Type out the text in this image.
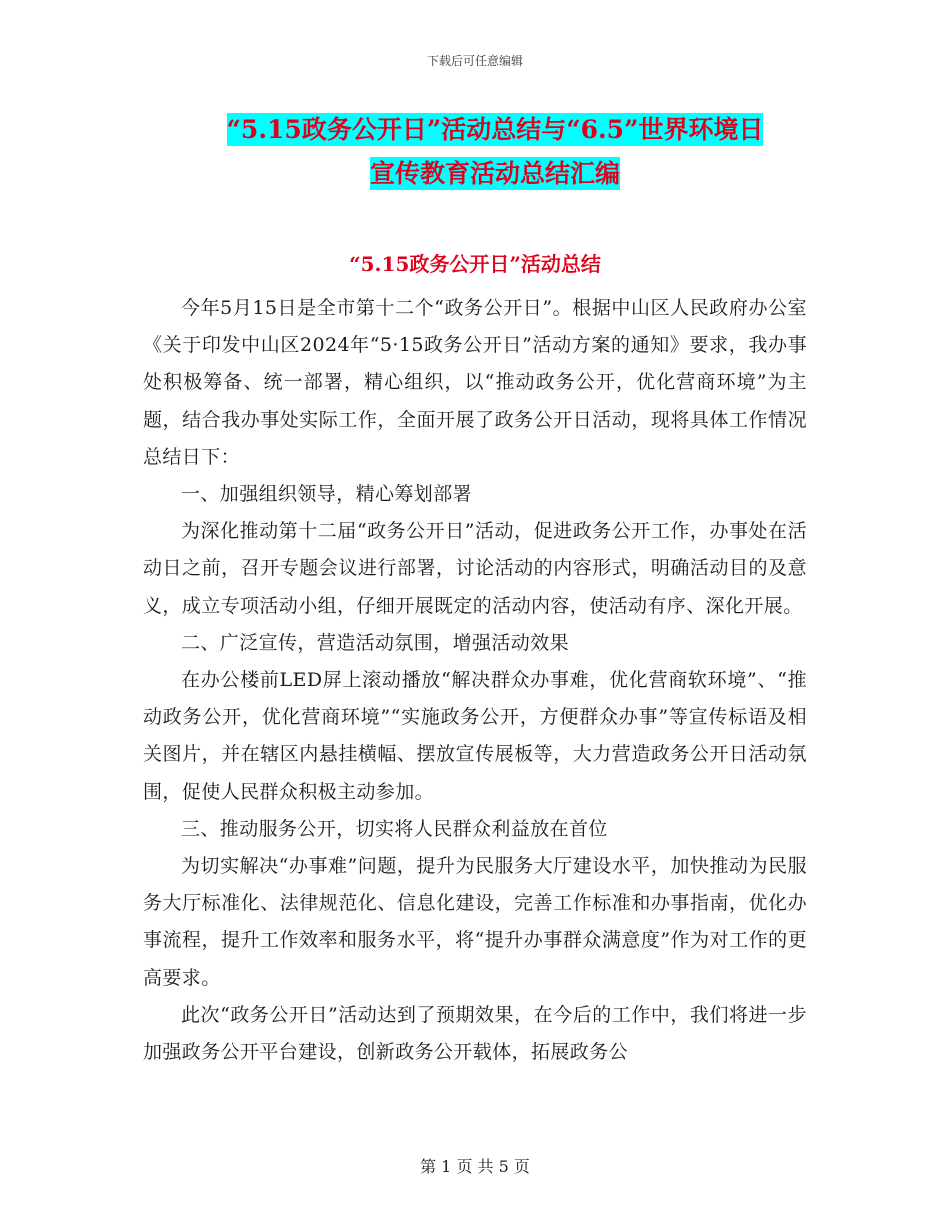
下载后可任意编辑
“5.15政务公开日”活动总结与“6.5”世界环境日
宣传教育活动总结汇编
“5.15政务公开日”活动总结

今年5月15日是全市第十二个“政务公开日”。根据中山区人民政府办公室《关于印发中山区2024年“5·15政务公开日”活动方案的通知》要求，我办事处积极筹备、统一部署，精心组织，以“推动政务公开，优化营商环境”为主题，结合我办事处实际工作，全面开展了政务公开日活动，现将具体工作情况总结日下：

一、加强组织领导，精心筹划部署

为深化推动第十二届“政务公开日”活动，促进政务公开工作，办事处在活动日之前，召开专题会议进行部署，讨论活动的内容形式，明确活动目的及意义，成立专项活动小组，仔细开展既定的活动内容，使活动有序、深化开展。

二、广泛宣传，营造活动氛围，增强活动效果

在办公楼前LED屏上滚动播放“解决群众办事难，优化营商软环境”、“推动政务公开，优化营商环境”“实施政务公开，方便群众办事”等宣传标语及相关图片，并在辖区内悬挂横幅、摆放宣传展板等，大力营造政务公开日活动氛围，促使人民群众积极主动参加。

三、推动服务公开，切实将人民群众利益放在首位

为切实解决“办事难”问题，提升为民服务大厅建设水平，加快推动为民服务大厅标准化、法律规范化、信息化建设，完善工作标准和办事指南，优化办事流程，提升工作效率和服务水平，将“提升办事群众满意度”作为对工作的更高要求。

此次“政务公开日”活动达到了预期效果，在今后的工作中，我们将进一步加强政务公开平台建设，创新政务公开载体，拓展政务公

第 1 页 共 5 页
